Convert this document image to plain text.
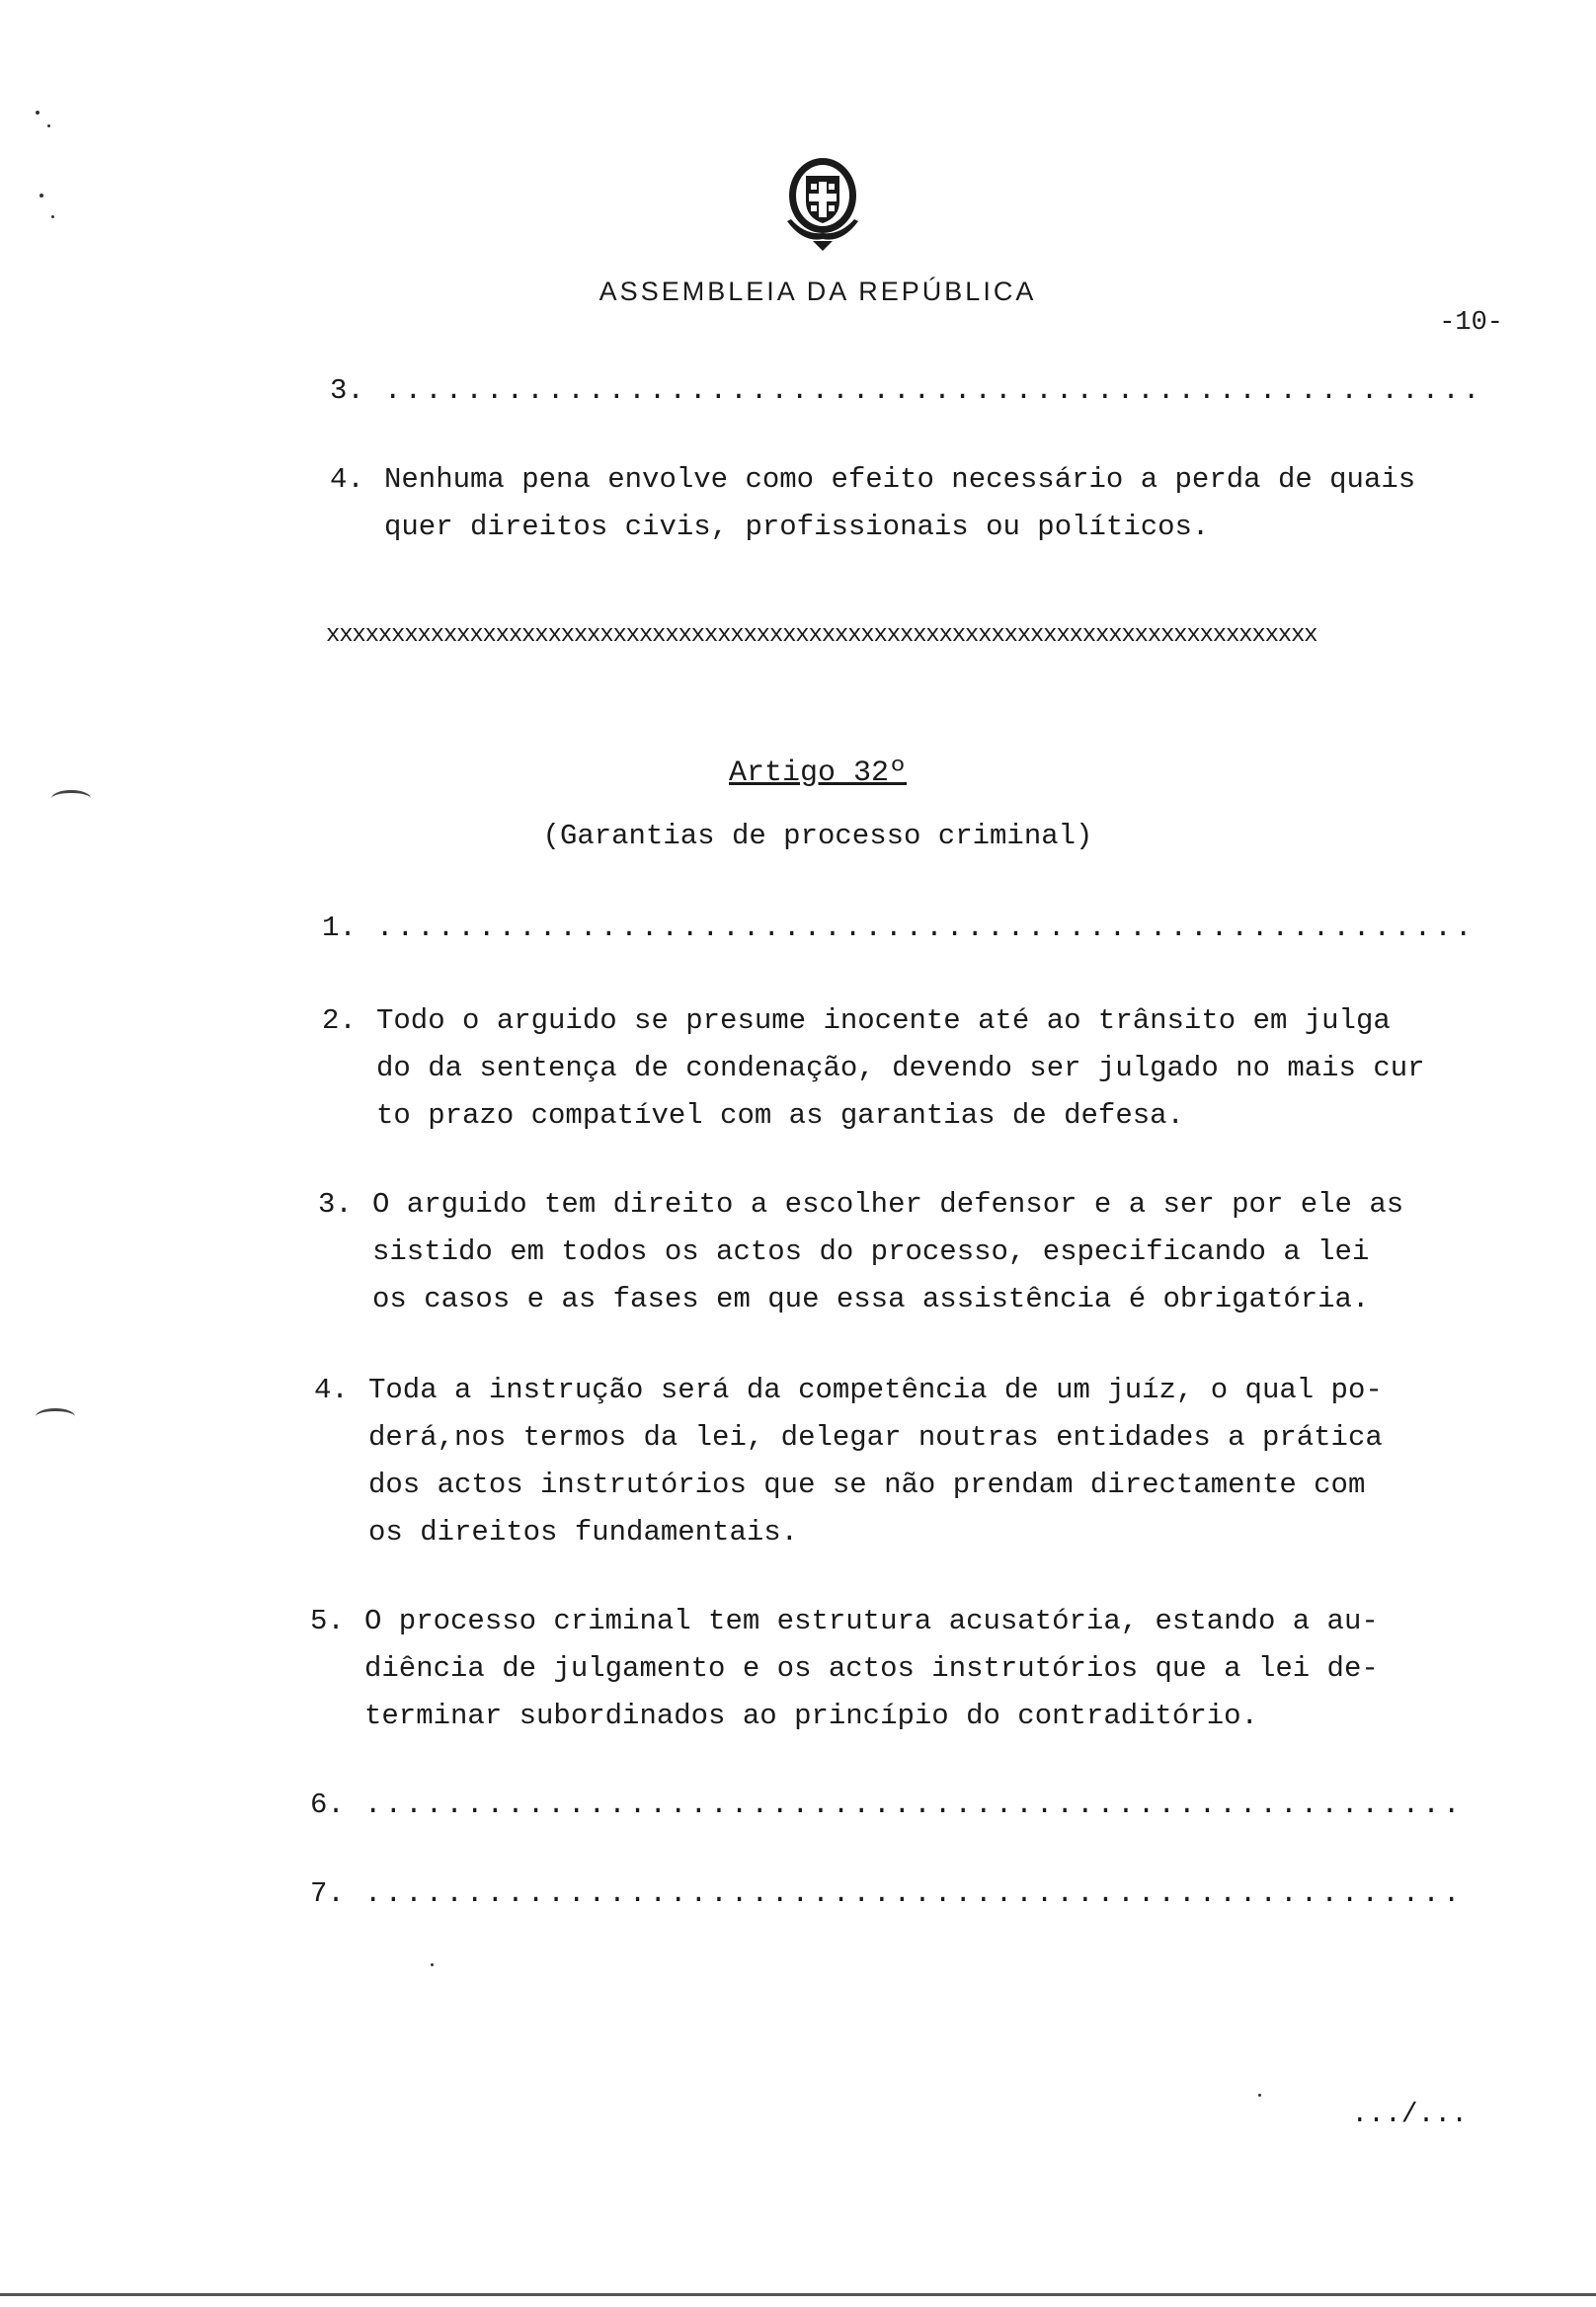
ASSEMBLEIA DA REPÚBLICA
-10-
3. ......................................................
4. Nenhuma pena envolve como efeito necessário a perda de quais
quer direitos civis, profissionais ou políticos.
xxxxxxxxxxxxxxxxxxxxxxxxxxxxxxxxxxxxxxxxxxxxxxxxxxxxxxxxxxxxxxxxxxxxxxxxxxxx
Artigo 32º
(Garantias de processo criminal)
1. ......................................................
2. Todo o arguido se presume inocente até ao trânsito em julga
do da sentença de condenação, devendo ser julgado no mais cur
to prazo compatível com as garantias de defesa.
3. O arguido tem direito a escolher defensor e a ser por ele as
sistido em todos os actos do processo, especificando a lei
os casos e as fases em que essa assistência é obrigatória.
4. Toda a instrução será da competência de um juíz, o qual po-
derá,nos termos da lei, delegar noutras entidades a prática
dos actos instrutórios que se não prendam directamente com
os direitos fundamentais.
5. O processo criminal tem estrutura acusatória, estando a au-
diência de julgamento e os actos instrutórios que a lei de-
terminar subordinados ao princípio do contraditório.
6. ......................................................
7. ......................................................
.../...
